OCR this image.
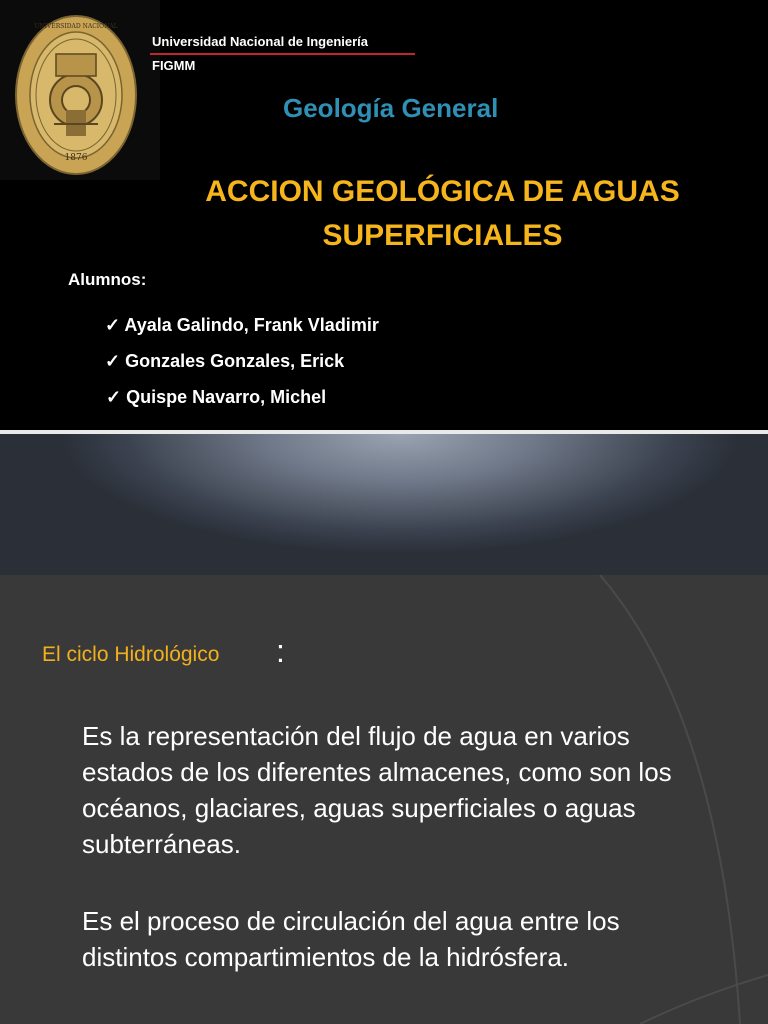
1876
UNIVERSIDAD NACIONAL
Universidad Nacional de Ingeniería
FIGMM
Geología General
ACCION GEOLÓGICA DE AGUAS
SUPERFICIALES
Alumnos:
✓ Ayala Galindo, Frank Vladimir
✓ Gonzales Gonzales, Erick
✓ Quispe Navarro, Michel
El ciclo Hidrológico :
Es la representación del flujo de agua en varios estados de los diferentes almacenes, como son los océanos, glaciares, aguas superficiales o aguas subterráneas.
Es el proceso de circulación del agua entre los distintos compartimientos de la hidrósfera.
